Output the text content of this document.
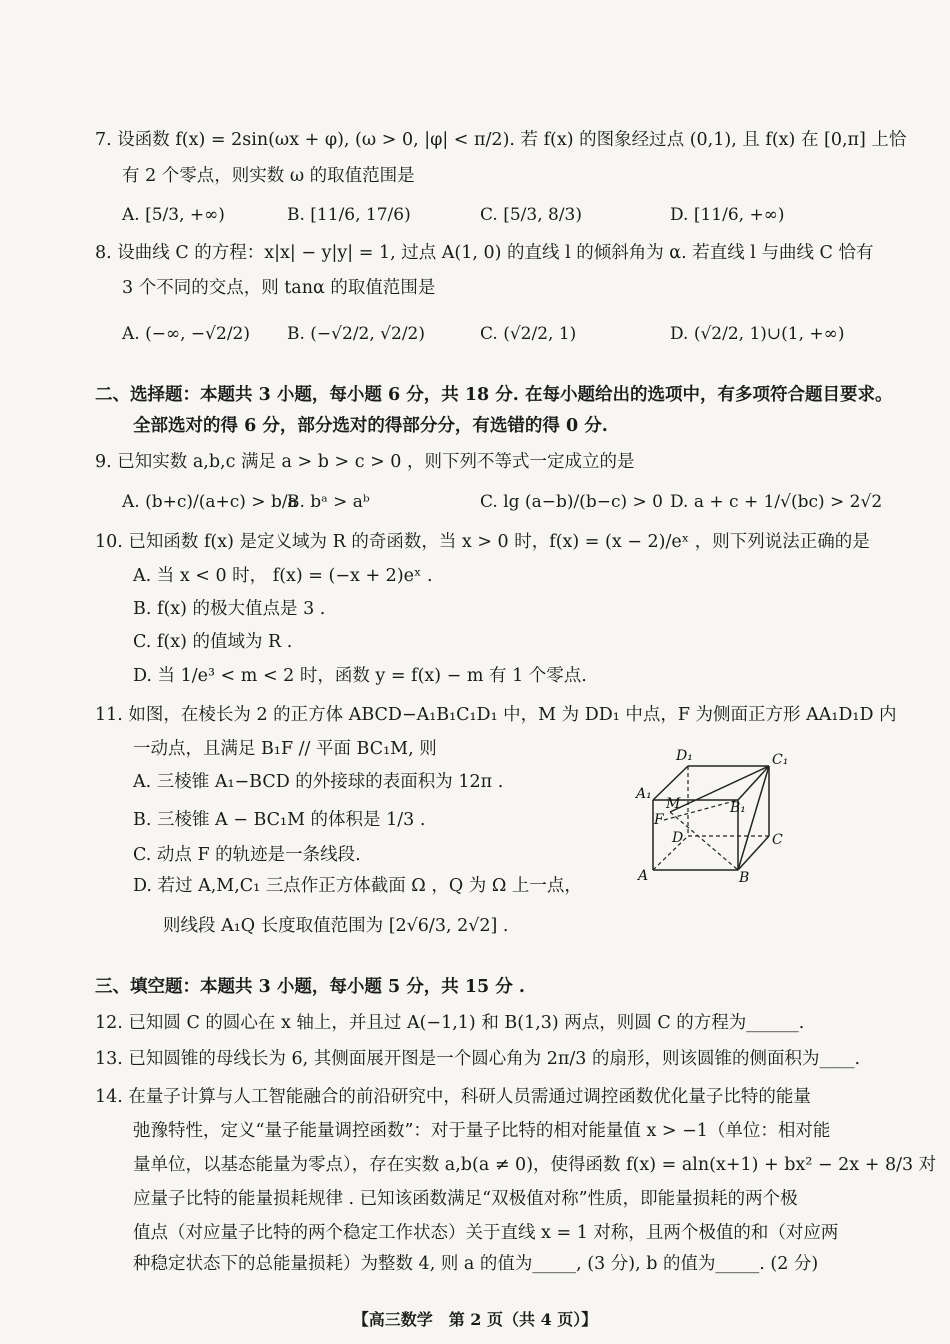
7. 设函数 f(x) = 2sin(ωx + φ), (ω > 0, |φ| < π/2). 若 f(x) 的图象经过点 (0,1), 且 f(x) 在 [0,π] 上恰
有 2 个零点，则实数 ω 的取值范围是
8. 设曲线 C 的方程：x|x| − y|y| = 1, 过点 A(1, 0) 的直线 l 的倾斜角为 α. 若直线 l 与曲线 C 恰有
3 个不同的交点，则 tanα 的取值范围是
二、选择题：本题共 3 小题，每小题 6 分，共 18 分. 在每小题给出的选项中，有多项符合题目要求。
全部选对的得 6 分，部分选对的得部分分，有选错的得 0 分.
9. 已知实数 a,b,c 满足 a > b > c > 0 ，则下列不等式一定成立的是
10. 已知函数 f(x) 是定义域为 R 的奇函数，当 x > 0 时，f(x) = (x − 2)/eˣ ，则下列说法正确的是
A. 当 x < 0 时， f(x) = (−x + 2)eˣ .
B. f(x) 的极大值点是 3 .
C. f(x) 的值域为 R .
D. 当 1/e³ < m < 2 时，函数 y = f(x) − m 有 1 个零点.
11. 如图，在棱长为 2 的正方体 ABCD−A₁B₁C₁D₁ 中，M 为 DD₁ 中点，F 为侧面正方形 AA₁D₁D 内
一动点，且满足 B₁F // 平面 BC₁M, 则
A. 三棱锥 A₁−BCD 的外接球的表面积为 12π .
B. 三棱锥 A − BC₁M 的体积是 1/3 .
C. 动点 F 的轨迹是一条线段.
D. 若过 A,M,C₁ 三点作正方体截面 Ω ，Q 为 Ω 上一点，
则线段 A₁Q 长度取值范围为 [2√6/3, 2√2] .
三、填空题：本题共 3 小题，每小题 5 分，共 15 分 .
12. 已知圆 C 的圆心在 x 轴上，并且过 A(−1,1) 和 B(1,3) 两点，则圆 C 的方程为______.
13. 已知圆锥的母线长为 6, 其侧面展开图是一个圆心角为 2π/3 的扇形，则该圆锥的侧面积为____.
14. 在量子计算与人工智能融合的前沿研究中，科研人员需通过调控函数优化量子比特的能量
弛豫特性，定义“量子能量调控函数”：对于量子比特的相对能量值 x > −1（单位：相对能
量单位，以基态能量为零点），存在实数 a,b(a ≠ 0)，使得函数 f(x) = aln(x+1) + bx² − 2x + 8/3 对
应量子比特的能量损耗规律 . 已知该函数满足“双极值对称”性质，即能量损耗的两个极
值点（对应量子比特的两个稳定工作状态）关于直线 x = 1 对称，且两个极值的和（对应两
种稳定状态下的总能量损耗）为整数 4, 则 a 的值为_____, (3 分), b 的值为_____. (2 分)
A. [5/3, +∞)	B. [11/6, 17/6)	C. [5/3, 8/3)	D. [11/6, +∞)
A. (−∞, −√2/2) B. (−√2/2, √2/2)	C. (√2/2, 1)	D. (√2/2, 1)∪(1, +∞)
A. (b+c)/(a+c) > b/a
B. bᵃ > aᵇ	C. lg (a−b)/(b−c) > 0 D. a + c + 1/√(bc) > 2√2
D₁	C₁
A₁
M	B₁
F
D	C
A	B
【高三数学　第 2 页（共 4 页）】
